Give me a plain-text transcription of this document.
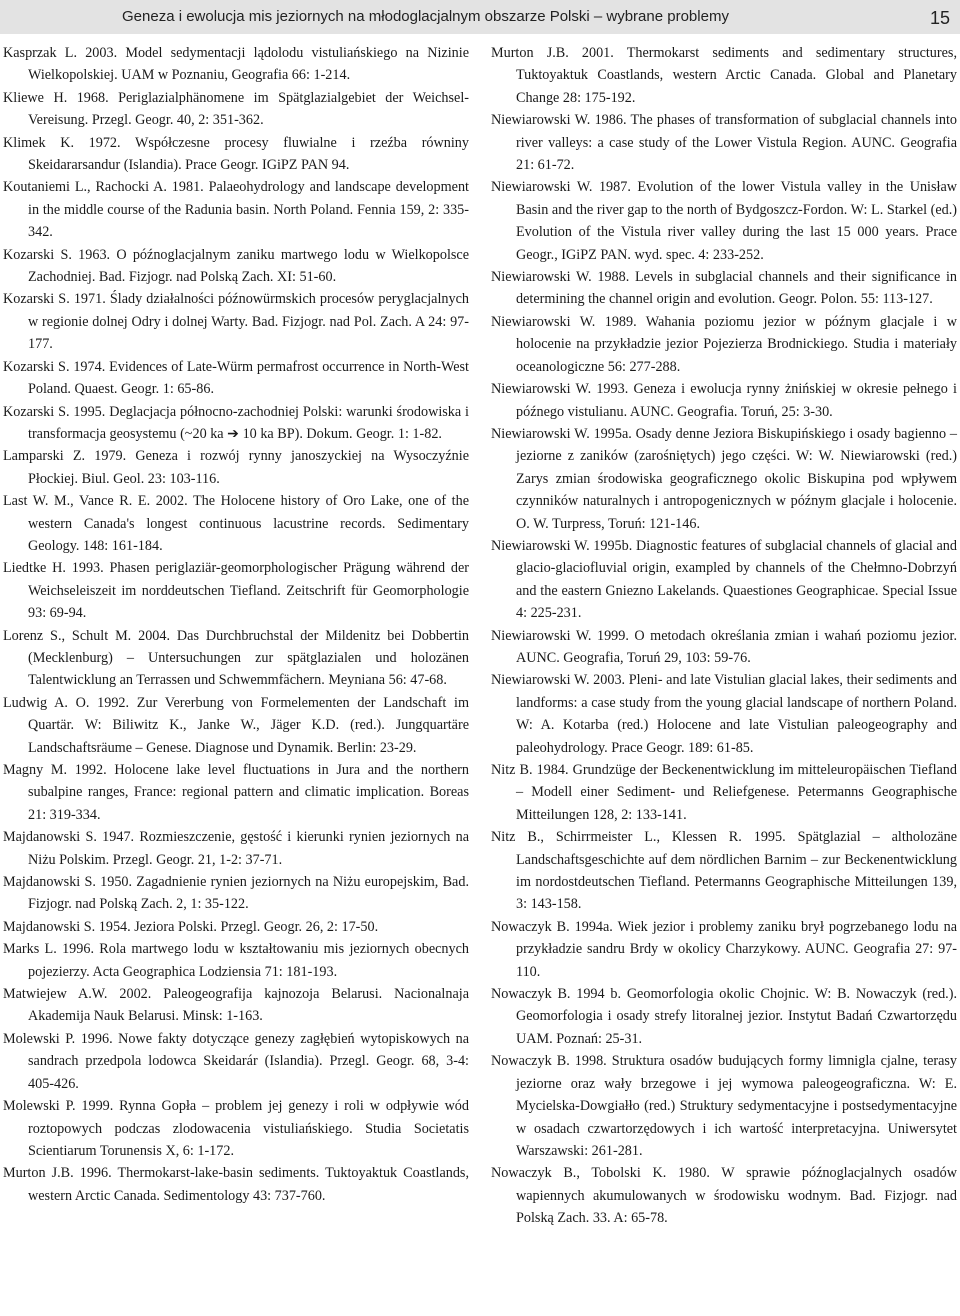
Geneza i ewolucja mis jeziornych na młodoglacjalnym obszarze Polski – wybrane problemy	15

Kasprzak L. 2003. Model sedymentacji lądolodu vistuliańskiego na Nizinie Wielkopolskiej. UAM w Poznaniu, Geografia 66: 1-214.

Kliewe H. 1968. Periglazialphänomene im Spätglazialgebiet der Weichsel-Vereisung. Przegl. Geogr. 40, 2: 351-362.

Klimek K. 1972. Współczesne procesy fluwialne i rzeźba równiny Skeidararsandur (Islandia). Prace Geogr. IGiPZ PAN 94.

Koutaniemi L., Rachocki A. 1981. Palaeohydrology and landscape development in the middle course of the Radunia basin. North Poland. Fennia 159, 2: 335-342.

Kozarski S. 1963. O późnoglacjalnym zaniku martwego lodu w Wielkopolsce Zachodniej. Bad. Fizjogr. nad Polską Zach. XI: 51-60.

Kozarski S. 1971. Ślady działalności późnowürmskich procesów peryglacjalnych w regionie dolnej Odry i dolnej Warty. Bad. Fizjogr. nad Pol. Zach. A 24: 97-177.

Kozarski S. 1974. Evidences of Late-Würm permafrost occurrence in North-West Poland. Quaest. Geogr. 1: 65-86.

Kozarski S. 1995. Deglacjacja północno-zachodniej Polski: warunki środowiska i transformacja geosystemu (~20 ka ➔ 10 ka BP). Dokum. Geogr. 1: 1-82.

Lamparski Z. 1979. Geneza i rozwój rynny janoszyckiej na Wysoczyźnie Płockiej. Biul. Geol. 23: 103-116.

Last W. M., Vance R. E. 2002. The Holocene history of Oro Lake, one of the western Canada's longest continuous lacustrine records. Sedimentary Geology. 148: 161-184.

Liedtke H. 1993. Phasen periglaziär-geomorphologischer Prägung während der Weichseleiszeit im norddeutschen Tiefland. Zeitschrift für Geomorphologie 93: 69-94.

Lorenz S., Schult M. 2004. Das Durchbruchstal der Mildenitz bei Dobbertin (Mecklenburg) – Untersuchungen zur spätglazialen und holozänen Talentwicklung an Terrassen und Schwemmfächern. Meyniana 56: 47-68.

Ludwig A. O. 1992. Zur Vererbung von Formelementen der Landschaft im Quartär. W: Biliwitz K., Janke W., Jäger K.D. (red.). Jungquartäre Landschaftsräume – Genese. Diagnose und Dynamik. Berlin: 23-29.

Magny M. 1992. Holocene lake level fluctuations in Jura and the northern subalpine ranges, France: regional pattern and climatic implication. Boreas 21: 319-334.

Majdanowski S. 1947. Rozmieszczenie, gęstość i kierunki rynien jeziornych na Niżu Polskim. Przegl. Geogr. 21, 1-2: 37-71.

Majdanowski S. 1950. Zagadnienie rynien jeziornych na Niżu europejskim, Bad. Fizjogr. nad Polską Zach. 2, 1: 35-122.

Majdanowski S. 1954. Jeziora Polski. Przegl. Geogr. 26, 2: 17-50.

Marks L. 1996. Rola martwego lodu w kształtowaniu mis jeziornych obecnych pojezierzy. Acta Geographica Lodziensia 71: 181-193.

Matwiejew A.W. 2002. Paleogeografija kajnozoja Belarusi. Nacionalnaja Akademija Nauk Belarusi. Minsk: 1-163.

Molewski P. 1996. Nowe fakty dotyczące genezy zagłębień wytopiskowych na sandrach przedpola lodowca Skeidarár (Islandia). Przegl. Geogr. 68, 3-4: 405-426.

Molewski P. 1999. Rynna Gopła – problem jej genezy i roli w odpływie wód roztopowych podczas zlodowacenia vistuliańskiego. Studia Societatis Scientiarum Torunensis X, 6: 1-172.

Murton J.B. 1996. Thermokarst-lake-basin sediments. Tuktoyaktuk Coastlands, western Arctic Canada. Sedimentology 43: 737-760.

Murton J.B. 2001. Thermokarst sediments and sedimentary structures, Tuktoyaktuk Coastlands, western Arctic Canada. Global and Planetary Change 28: 175-192.

Niewiarowski W. 1986. The phases of transformation of subglacial channels into river valleys: a case study of the Lower Vistula Region. AUNC. Geografia 21: 61-72.

Niewiarowski W. 1987. Evolution of the lower Vistula valley in the Unisław Basin and the river gap to the north of Bydgoszcz-Fordon. W: L. Starkel (ed.) Evolution of the Vistula river valley during the last 15 000 years. Prace Geogr., IGiPZ PAN. wyd. spec. 4: 233-252.

Niewiarowski W. 1988. Levels in subglacial channels and their significance in determining the channel origin and evolution. Geogr. Polon. 55: 113-127.

Niewiarowski W. 1989. Wahania poziomu jezior w późnym glacjale i w holocenie na przykładzie jezior Pojezierza Brodnickiego. Studia i materiały oceanologiczne 56: 277-288.

Niewiarowski W. 1993. Geneza i ewolucja rynny żnińskiej w okresie pełnego i późnego vistulianu. AUNC. Geografia. Toruń, 25: 3-30.

Niewiarowski W. 1995a. Osady denne Jeziora Biskupińskiego i osady bagienno – jeziorne z zaników (zarośniętych) jego części. W: W. Niewiarowski (red.) Zarys zmian środowiska geograficznego okolic Biskupina pod wpływem czynników naturalnych i antropogenicznych w późnym glacjale i holocenie. O. W. Turpress, Toruń: 121-146.

Niewiarowski W. 1995b. Diagnostic features of subglacial channels of glacial and glacio-glaciofluvial origin, exampled by channels of the Chełmno-Dobrzyń and the eastern Gniezno Lakelands. Quaestiones Geographicae. Special Issue 4: 225-231.

Niewiarowski W. 1999. O metodach określania zmian i wahań poziomu jezior. AUNC. Geografia, Toruń 29, 103: 59-76.

Niewiarowski W. 2003. Pleni- and late Vistulian glacial lakes, their sediments and landforms: a case study from the young glacial landscape of northern Poland. W: A. Kotarba (red.) Holocene and late Vistulian paleogeography and paleohydrology. Prace Geogr. 189: 61-85.

Nitz B. 1984. Grundzüge der Beckenentwicklung im mitteleuropäischen Tiefland – Modell einer Sediment- und Reliefgenese. Petermanns Geographische Mitteilungen 128, 2: 133-141.

Nitz B., Schirrmeister L., Klessen R. 1995. Spätglazial – altholozäne Landschaftsgeschichte auf dem nördlichen Barnim – zur Beckenentwicklung im nordostdeutschen Tiefland. Petermanns Geographische Mitteilungen 139, 3: 143-158.

Nowaczyk B. 1994a. Wiek jezior i problemy zaniku brył pogrzebanego lodu na przykładzie sandru Brdy w okolicy Charzykowy. AUNC. Geografia 27: 97-110.

Nowaczyk B. 1994 b. Geomorfologia okolic Chojnic. W: B. Nowaczyk (red.). Geomorfologia i osady strefy litoralnej jezior. Instytut Badań Czwartorzędu UAM. Poznań: 25-31.

Nowaczyk B. 1998. Struktura osadów budujących formy limnigla cjalne, terasy jeziorne oraz wały brzegowe i jej wymowa paleogeograficzna. W: E. Mycielska-Dowgiałło (red.) Struktury sedymentacyjne i postsedymentacyjne w osadach czwartorzędowych i ich wartość interpretacyjna. Uniwersytet Warszawski: 261-281.

Nowaczyk B., Tobolski K. 1980. W sprawie późnoglacjalnych osadów wapiennych akumulowanych w środowisku wodnym. Bad. Fizjogr. nad Polską Zach. 33. A: 65-78.
